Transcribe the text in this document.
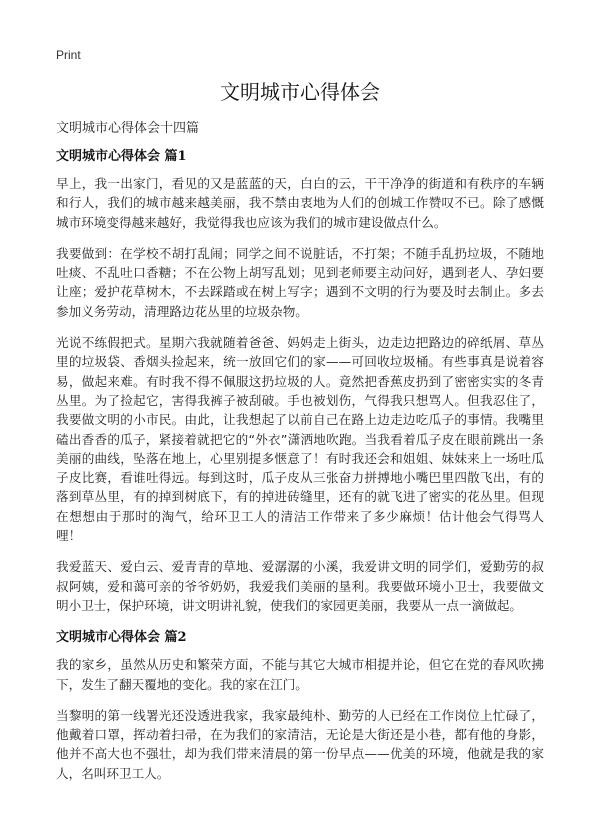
Print
文明城市心得体会

文明城市心得体会十四篇

文明城市心得体会 篇1

早上，我一出家门，看见的又是蓝蓝的天，白白的云，干干净净的街道和有秩序的车辆和行人，我们的城市越来越美丽，我不禁由衷地为人们的创城工作赞叹不已。除了感慨城市环境变得越来越好，我觉得我也应该为我们的城市建设做点什么。

我要做到：在学校不胡打乱闹；同学之间不说脏话，不打架；不随手乱扔垃圾，不随地吐痰、不乱吐口香糖；不在公物上胡写乱划；见到老师要主动问好，遇到老人、孕妇要让座；爱护花草树木，不去踩踏或在树上写字；遇到不文明的行为要及时去制止。多去参加义务劳动，清理路边花丛里的垃圾杂物。

光说不练假把式。星期六我就随着爸爸、妈妈走上街头，边走边把路边的碎纸屑、草丛里的垃圾袋、香烟头捡起来，统一放回它们的家——可回收垃圾桶。有些事真是说着容易，做起来难。有时我不得不佩服这扔垃圾的人。竟然把香蕉皮扔到了密密实实的冬青丛里。为了捡起它，害得我裤子被刮破。手也被划伤，气得我只想骂人。但我忍住了，我要做文明的小市民。由此，让我想起了以前自己在路上边走边吃瓜子的事情。我嘴里磕出香香的瓜子，紧接着就把它的“外衣”潇洒地吹跑。当我看着瓜子皮在眼前跳出一条美丽的曲线，坠落在地上，心里别提多惬意了！有时我还会和姐姐、妹妹来上一场吐瓜子皮比赛，看谁吐得远。每到这时，瓜子皮从三张奋力拼搏地小嘴巴里四散飞出，有的落到草丛里，有的掉到树底下，有的掉进砖缝里，还有的就飞进了密实的花丛里。但现在想想由于那时的淘气，给环卫工人的清洁工作带来了多少麻烦！估计他会气得骂人哩！

我爱蓝天、爱白云、爱青青的草地、爱潺潺的小溪，我爱讲文明的同学们，爱勤劳的叔叔阿姨，爱和蔼可亲的爷爷奶奶，我爱我们美丽的垦利。我要做环境小卫士，我要做文明小卫士，保护环境，讲文明讲礼貌，使我们的家园更美丽，我要从一点一滴做起。

文明城市心得体会 篇2

我的家乡，虽然从历史和繁荣方面，不能与其它大城市相提并论，但它在党的春风吹拂下，发生了翻天覆地的变化。我的家在江门。

当黎明的第一线署光还没透进我家，我家最纯朴、勤劳的人已经在工作岗位上忙碌了，他戴着口罩，挥动着扫帚，在为我们的家清洁，无论是大街还是小巷，都有他的身影，他并不高大也不强壮，却为我们带来清晨的第一份早点——优美的环境，他就是我的家人，名叫环卫工人。
